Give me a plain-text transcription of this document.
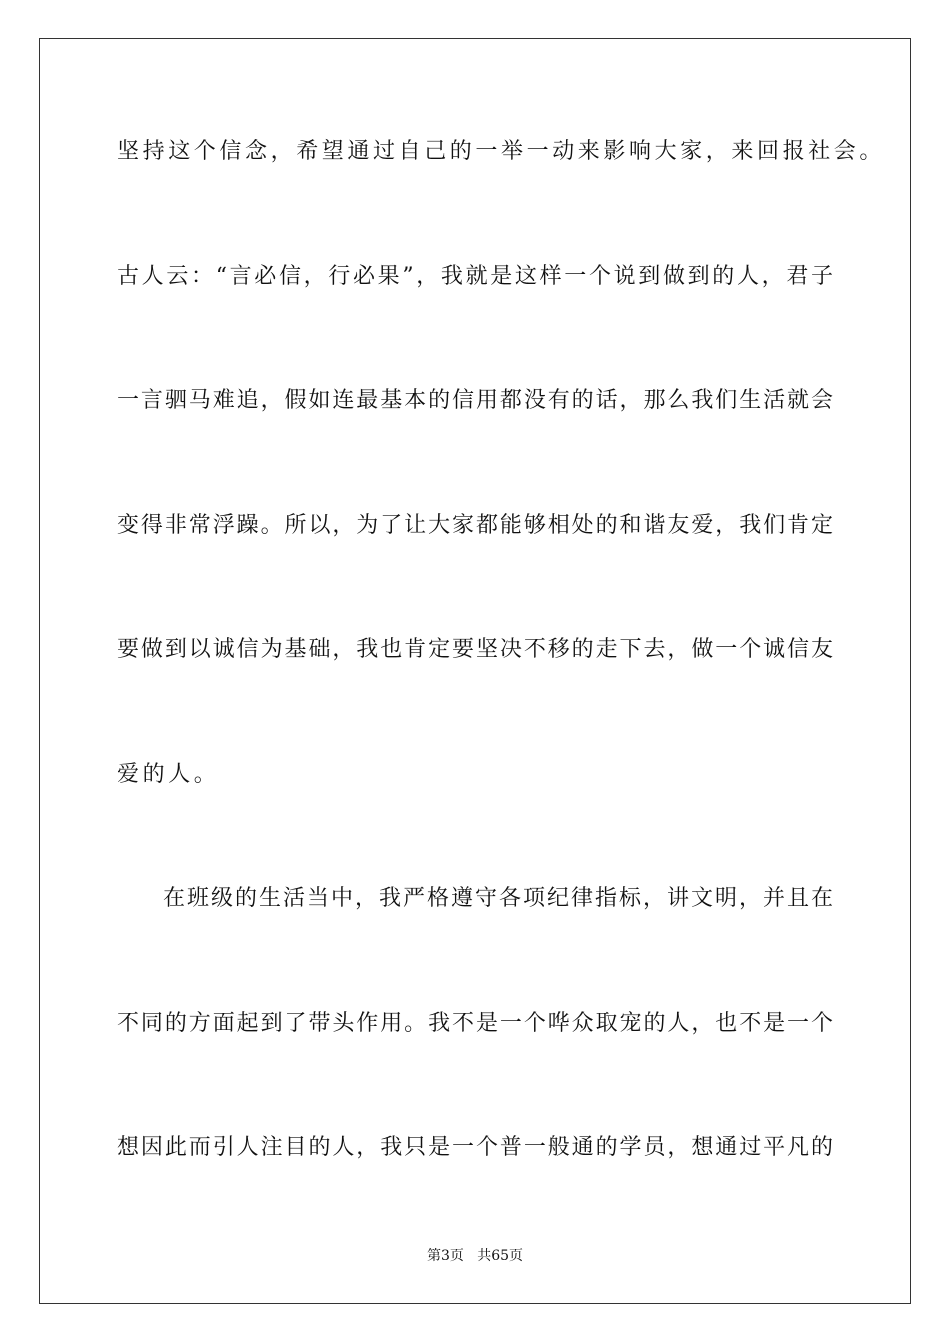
坚持这个信念，希望通过自己的一举一动来影响大家，来回报社会。
古人云：“言必信，行必果”，我就是这样一个说到做到的人，君子
一言驷马难追，假如连最基本的信用都没有的话，那么我们生活就会
变得非常浮躁。所以，为了让大家都能够相处的和谐友爱，我们肯定
要做到以诚信为基础，我也肯定要坚决不移的走下去，做一个诚信友
爱的人。
在班级的生活当中，我严格遵守各项纪律指标，讲文明，并且在
不同的方面起到了带头作用。我不是一个哗众取宠的人，也不是一个
想因此而引人注目的人，我只是一个普一般通的学员，想通过平凡的
第3页   共65页
